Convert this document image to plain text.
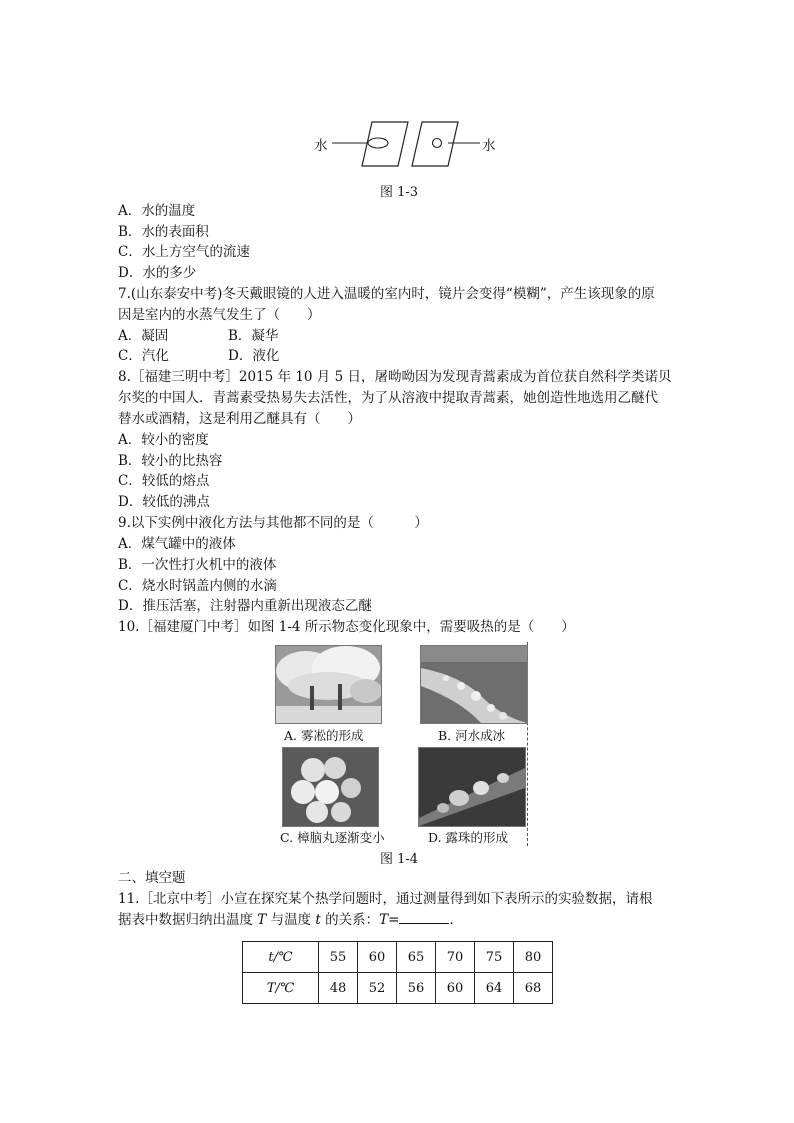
水	水
图 1-3
A．水的温度
B．水的表面积
C．水上方空气的流速
D．水的多少
7.(山东泰安中考)冬天戴眼镜的人进入温暖的室内时，镜片会变得“模糊”，产生该现象的原
因是室内的水蒸气发生了（　　）
A．凝固	B．凝华
C．汽化	D．液化
8.［福建三明中考］2015 年 10 月 5 日，屠呦呦因为发现青蒿素成为首位获自然科学类诺贝
尔奖的中国人．青蒿素受热易失去活性，为了从溶液中提取青蒿素，她创造性地选用乙醚代
替水或酒精，这是利用乙醚具有（　　）
A．较小的密度
B．较小的比热容
C．较低的熔点
D．较低的沸点
9.以下实例中液化方法与其他都不同的是（　　　）
A．煤气罐中的液体
B．一次性打火机中的液体
C．烧水时锅盖内侧的水滴
D．推压活塞，注射器内重新出现液态乙醚
10.［福建厦门中考］如图 1-4 所示物态变化现象中，需要吸热的是（　　）
A. 雾凇的形成	B. 河水成冰
C. 樟脑丸逐渐变小	D. 露珠的形成
图 1-4
二、填空题
11.［北京中考］小宣在探究某个热学问题时，通过测量得到如下表所示的实验数据，请根
据表中数据归纳出温度 T 与温度 t 的关系：T=	．
t/℃	55	60	65	70	75	80
T/℃	48	52	56	60	64	68
